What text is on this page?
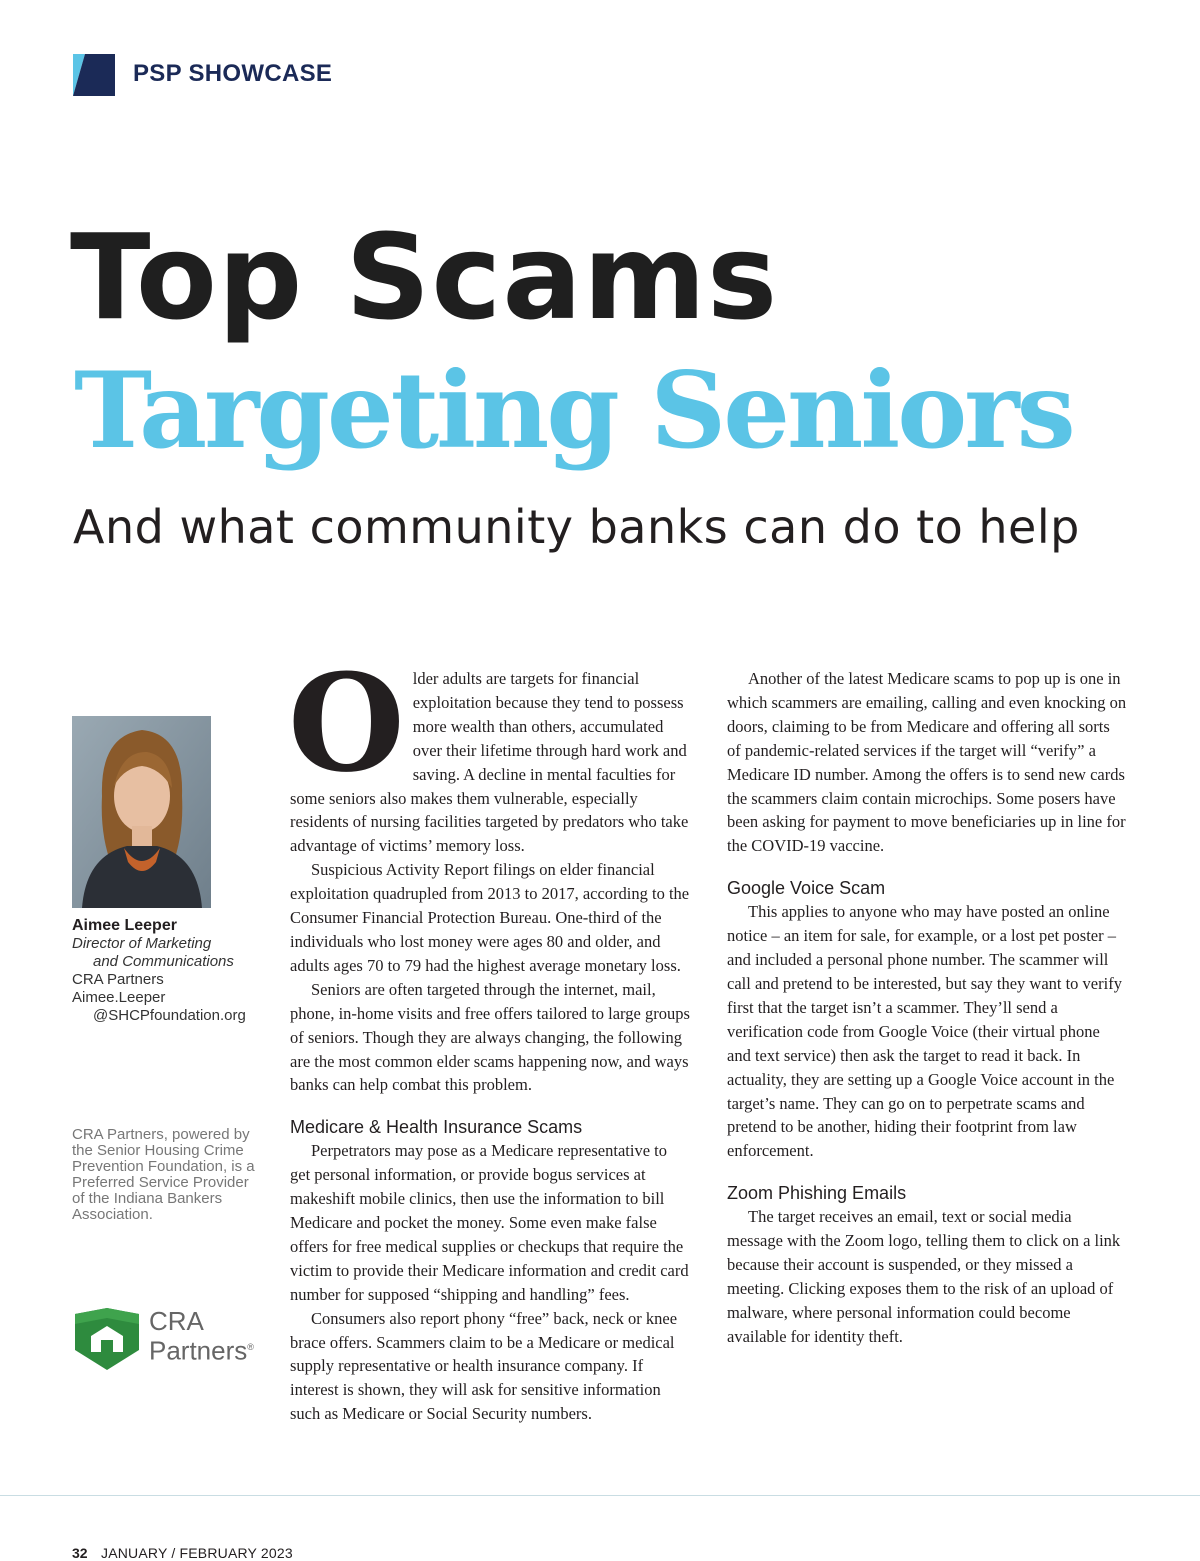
PSP SHOWCASE
Top Scams
Targeting Seniors
And what community banks can do to help
Aimee Leeper
Director of Marketing
and Communications
CRA Partners
Aimee.Leeper
@SHCPfoundation.org
CRA Partners, powered by the Senior Housing Crime Prevention Foundation, is a Preferred Service Provider of the Indiana Bankers Association.
CRA
Partners®

Older adults are targets for financial exploitation because they tend to possess more wealth than others, accumulated over their lifetime through hard work and saving. A decline in mental faculties for some seniors also makes them vulnerable, especially residents of nursing facilities targeted by predators who take advantage of victims’ memory loss.

Suspicious Activity Report filings on elder financial exploitation quadrupled from 2013 to 2017, according to the Consumer Financial Protection Bureau. One-third of the individuals who lost money were ages 80 and older, and adults ages 70 to 79 had the highest average monetary loss.

Seniors are often targeted through the internet, mail, phone, in-home visits and free offers tailored to large groups of seniors. Though they are always changing, the following are the most common elder scams happening now, and ways banks can help combat this problem.

Medicare & Health Insurance Scams

Perpetrators may pose as a Medicare representative to get personal information, or provide bogus services at makeshift mobile clinics, then use the information to bill Medicare and pocket the money. Some even make false offers for free medical supplies or checkups that require the victim to provide their Medicare information and credit card number for supposed “shipping and handling” fees.

Consumers also report phony “free” back, neck or knee brace offers. Scammers claim to be a Medicare or medical supply representative or health insurance company. If interest is shown, they will ask for sensitive information such as Medicare or Social Security numbers.

Another of the latest Medicare scams to pop up is one in which scammers are emailing, calling and even knocking on doors, claiming to be from Medicare and offering all sorts of pandemic-related services if the target will “verify” a Medicare ID number. Among the offers is to send new cards the scammers claim contain microchips. Some posers have been asking for payment to move beneficiaries up in line for the COVID-19 vaccine.

Google Voice Scam

This applies to anyone who may have posted an online notice – an item for sale, for example, or a lost pet poster – and included a personal phone number. The scammer will call and pretend to be interested, but say they want to verify first that the target isn’t a scammer. They’ll send a verification code from Google Voice (their virtual phone and text service) then ask the target to read it back. In actuality, they are setting up a Google Voice account in the target’s name. They can go on to perpetrate scams and pretend to be another, hiding their footprint from law enforcement.

Zoom Phishing Emails

The target receives an email, text or social media message with the Zoom logo, telling them to click on a link because their account is suspended, or they missed a meeting. Clicking exposes them to the risk of an upload of malware, where personal information could become available for identity theft.

32 JANUARY / FEBRUARY 2023
